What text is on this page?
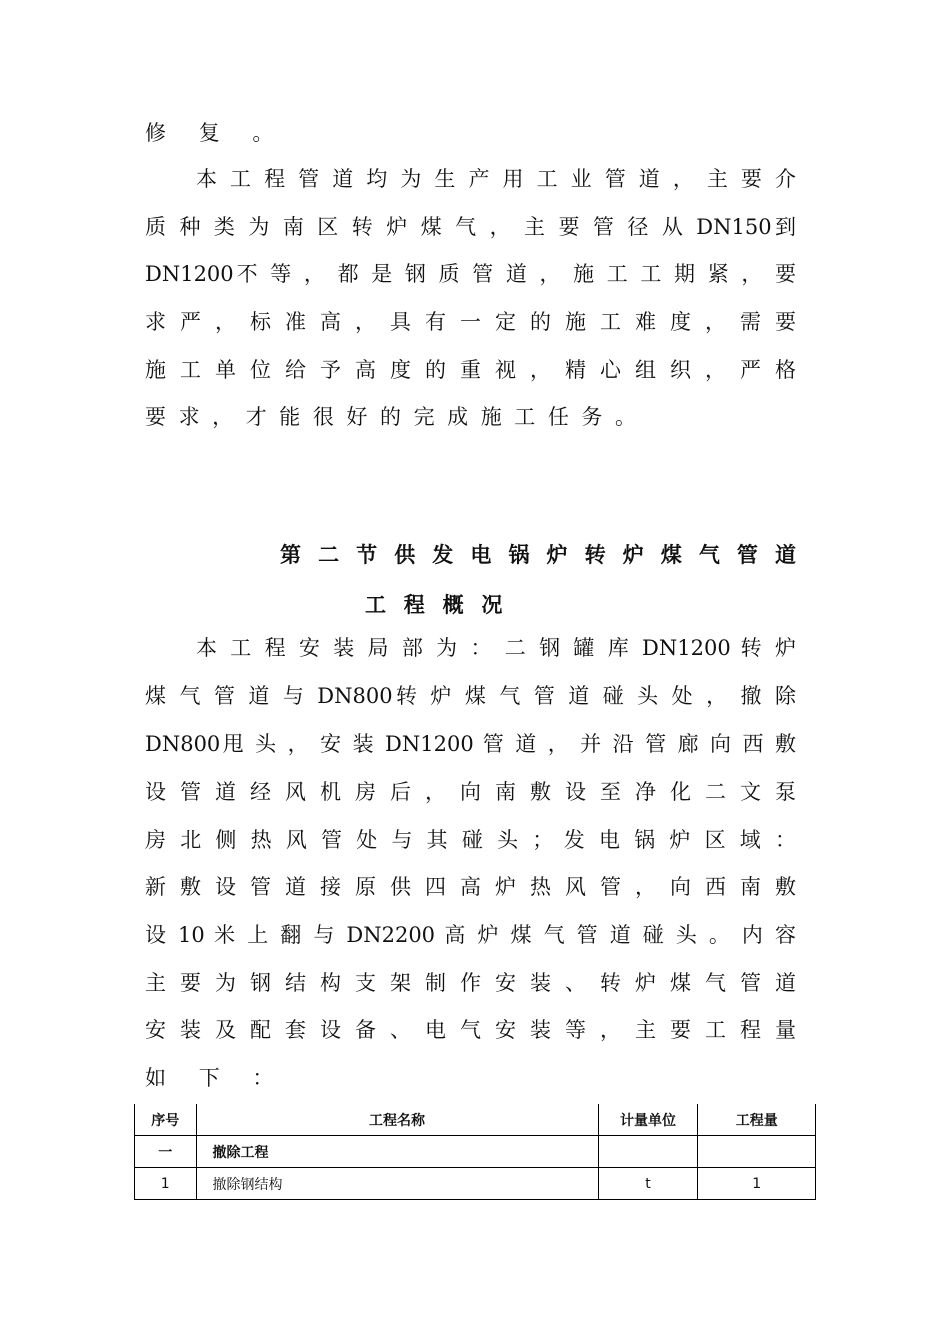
修 复 。
本 工 程 管 道 均 为 生 产 用 工 业 管 道 ， 主 要 介
质 种 类 为 南 区 转 炉 煤 气 ， 主 要 管 径 从 DN150到
DN1200不 等 ， 都 是 钢 质 管 道 ， 施 工 工 期 紧 ， 要
求 严 ， 标 准 高 ， 具 有 一 定 的 施 工 难 度 ， 需 要
施 工 单 位 给 予 高 度 的 重 视 ， 精 心 组 织 ， 严 格
要 求 ， 才 能 很 好 的 完 成 施 工 任 务 。
第 二 节 供 发 电 锅 炉 转 炉 煤 气 管 道
工 程 概 况
本 工 程 安 装 局 部 为 ： 二 钢 罐 库 DN1200 转 炉
煤 气 管 道 与 DN800转 炉 煤 气 管 道 碰 头 处 ， 撤 除
DN800甩 头 ， 安 装 DN1200 管 道 ， 并 沿 管 廊 向 西 敷
设 管 道 经 风 机 房 后 ， 向 南 敷 设 至 净 化 二 文 泵
房 北 侧 热 风 管 处 与 其 碰 头 ； 发 电 锅 炉 区 域 ：
新 敷 设 管 道 接 原 供 四 高 炉 热 风 管 ， 向 西 南 敷
设 10 米 上 翻 与 DN2200 高 炉 煤 气 管 道 碰 头 。 内 容
主 要 为 钢 结 构 支 架 制 作 安 装 、 转 炉 煤 气 管 道
安 装 及 配 套 设 备 、 电 气 安 装 等 ， 主 要 工 程 量
如 下 ：
序号	工程名称	计量单位	工程量
一	撤除工程		
1	撤除钢结构	t	1
